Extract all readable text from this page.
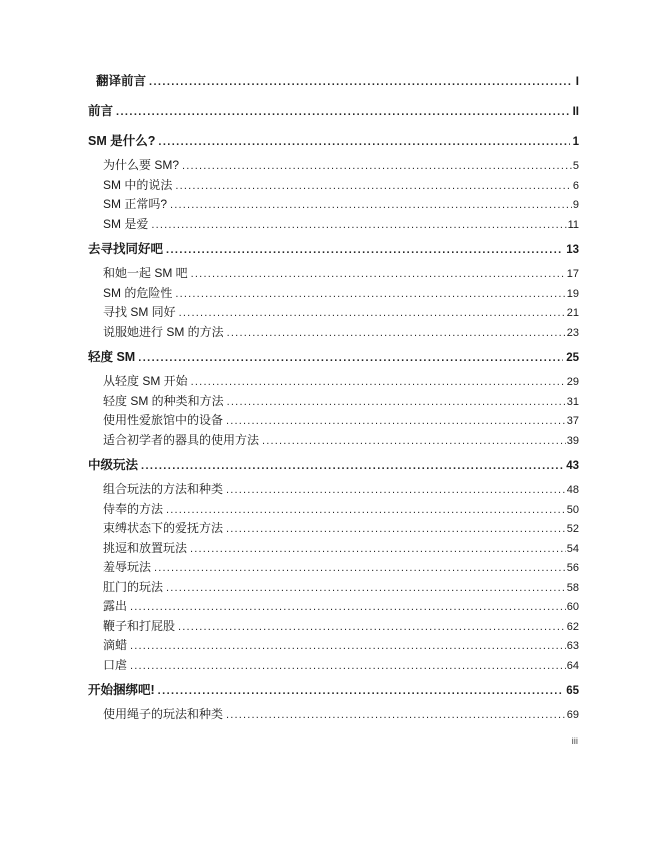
翻译前言 .....	I
前言 .....	II
SM 是什么? .....	1
为什么要 SM? .....	5
SM 中的说法 .....	6
SM 正常吗? .....	9
SM 是爱 .....	11
去寻找同好吧 .....	13
和她一起 SM 吧 .....	17
SM 的危险性 .....	19
寻找 SM 同好 .....	21
说服她进行 SM 的方法 .....	23
轻度 SM .....	25
从轻度 SM 开始 .....	29
轻度 SM 的种类和方法 .....	31
使用性爱旅馆中的设备 .....	37
适合初学者的器具的使用方法 .....	39
中级玩法 .....	43
组合玩法的方法和种类 .....	48
侍奉的方法 .....	50
束缚状态下的爱抚方法 .....	52
挑逗和放置玩法 .....	54
羞辱玩法 .....	56
肛门的玩法 .....	58
露出 .....	60
鞭子和打屁股 .....	62
滴蜡 .....	63
口虐 .....	64
开始捆绑吧! .....	65
使用绳子的玩法和种类 .....	69
iii
